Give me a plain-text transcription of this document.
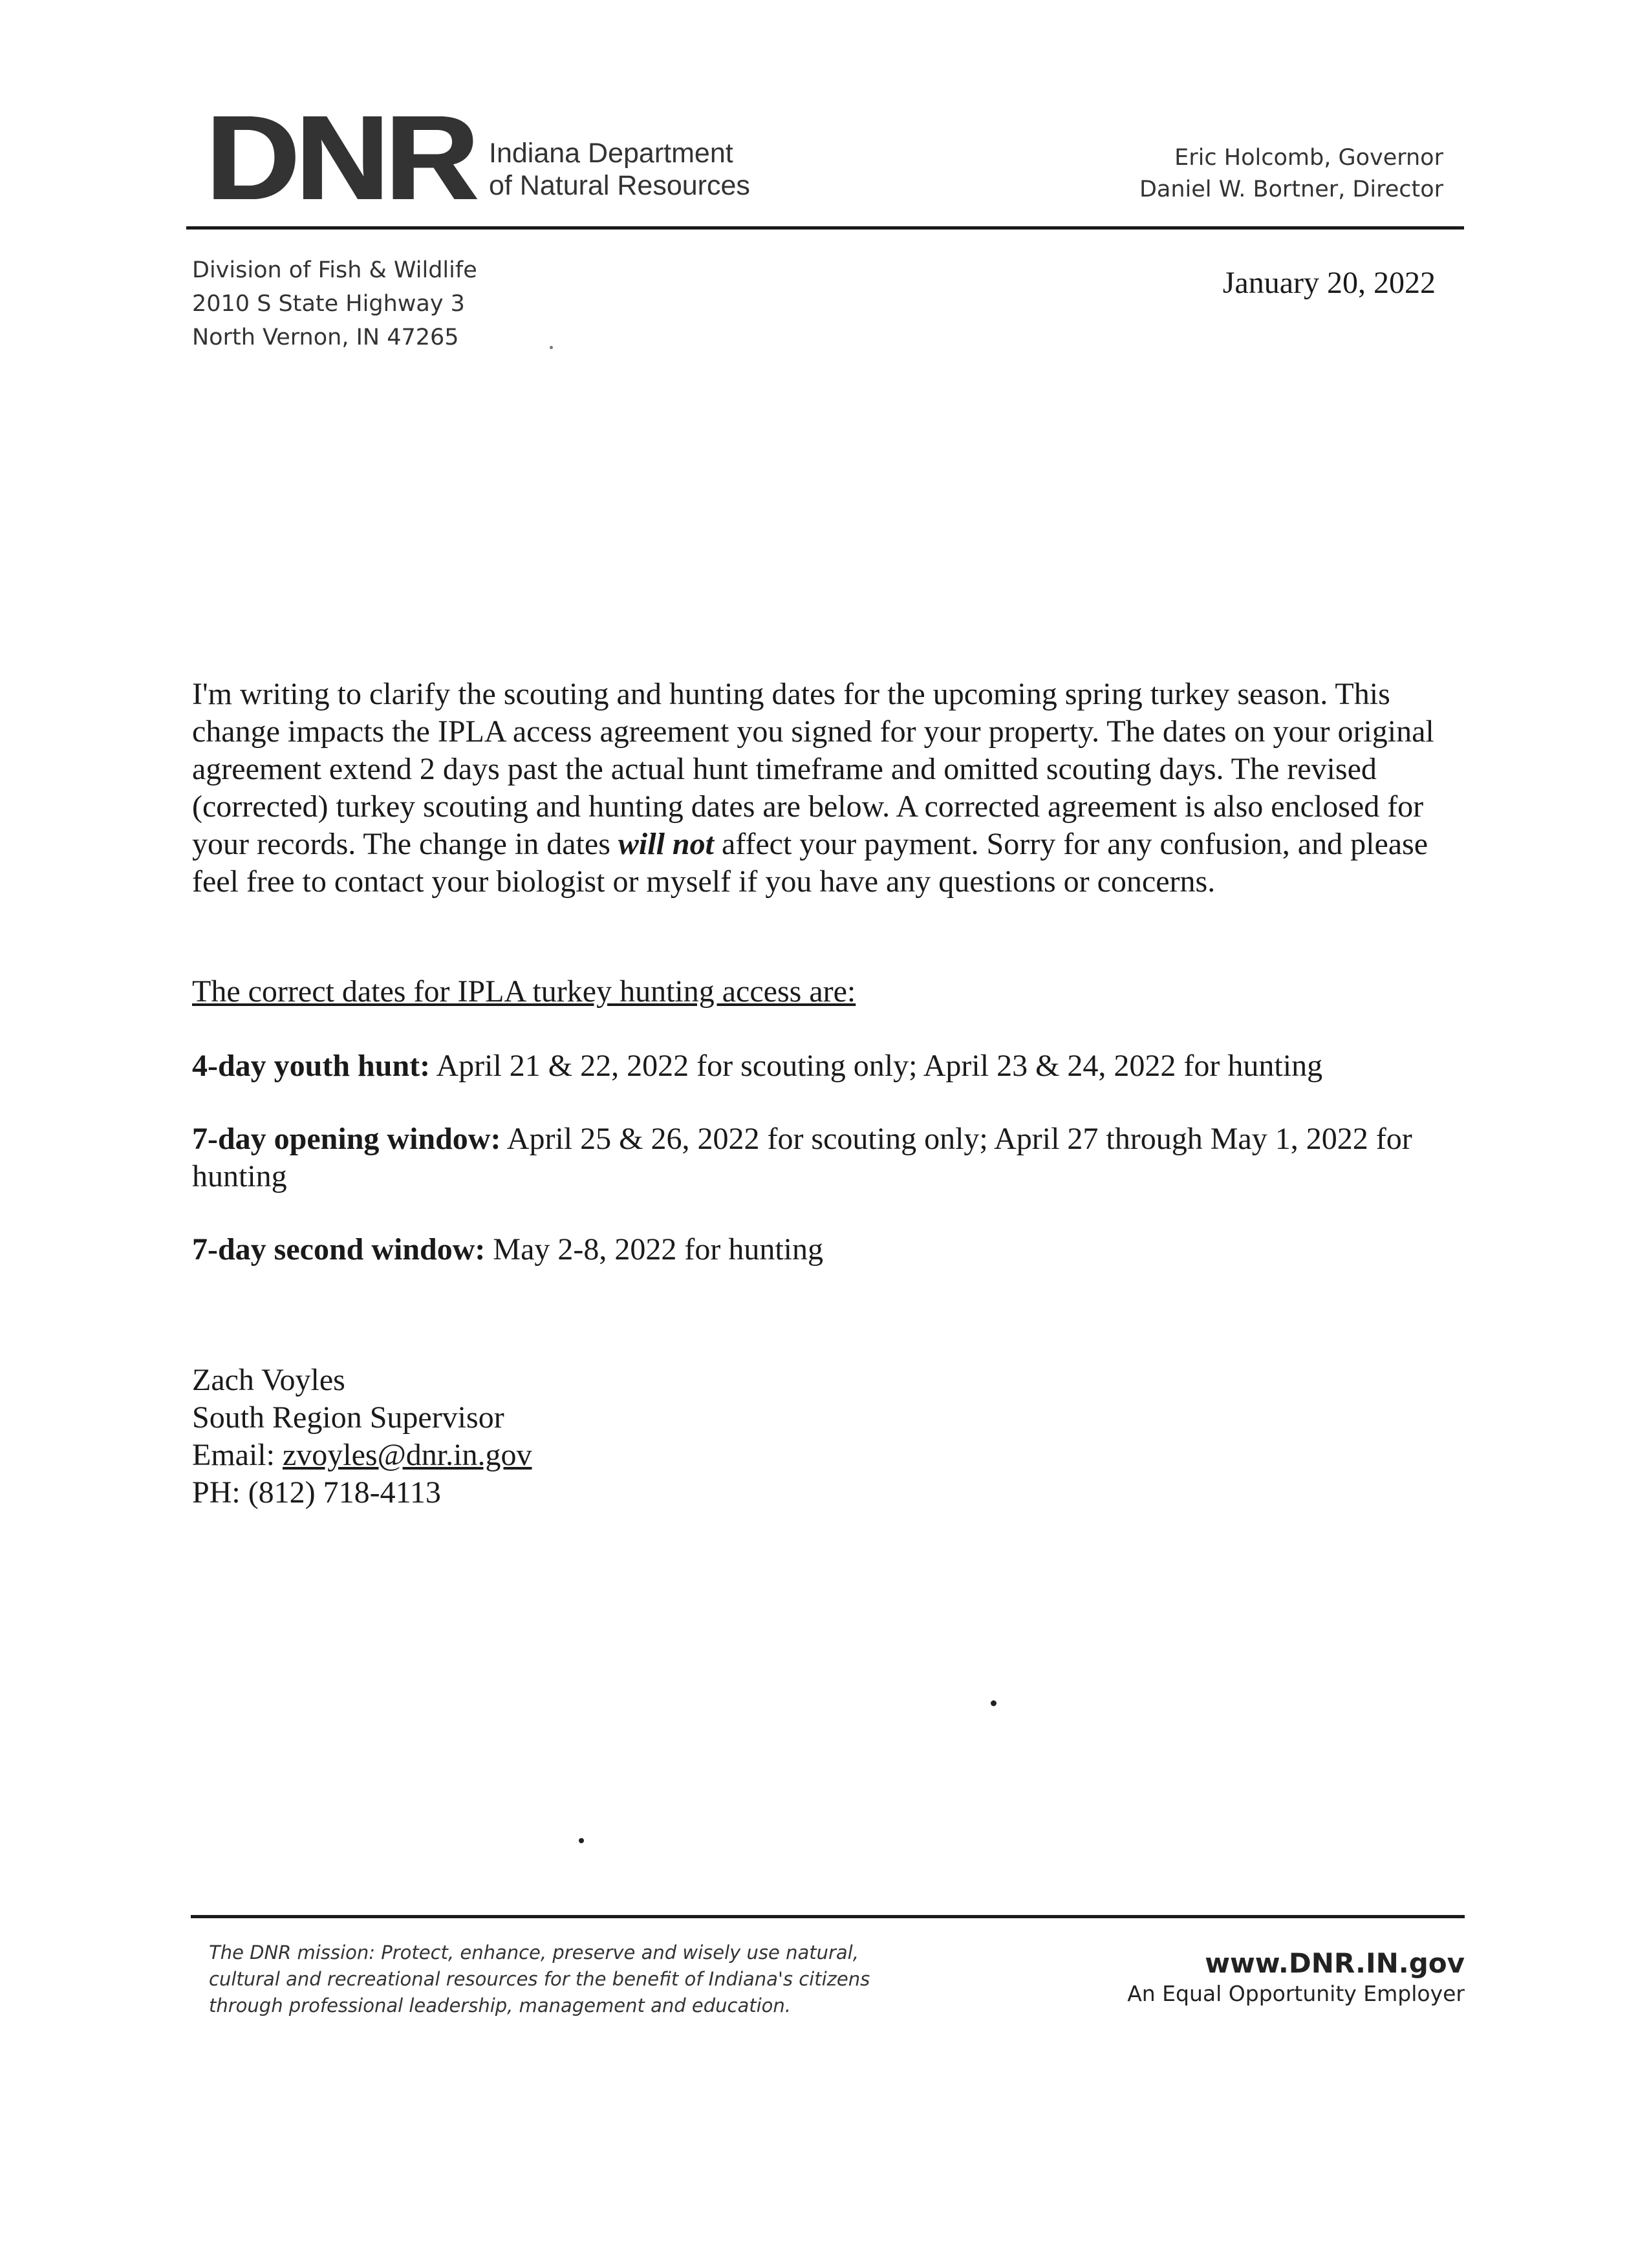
DNR Indiana Department
of Natural Resources
Eric Holcomb, Governor
Daniel W. Bortner, Director
Division of Fish & Wildlife
2010 S State Highway 3
North Vernon, IN 47265
January 20, 2022

I'm writing to clarify the scouting and hunting dates for the upcoming spring turkey season. This change impacts the IPLA access agreement you signed for your property. The dates on your original agreement extend 2 days past the actual hunt timeframe and omitted scouting days. The revised (corrected) turkey scouting and hunting dates are below. A corrected agreement is also enclosed for your records. The change in dates will not affect your payment. Sorry for any confusion, and please feel free to contact your biologist or myself if you have any questions or concerns.

The correct dates for IPLA turkey hunting access are:
4-day youth hunt: April 21 & 22, 2022 for scouting only; April 23 & 24, 2022 for hunting
7-day opening window: April 25 & 26, 2022 for scouting only; April 27 through May 1, 2022 for hunting
7-day second window: May 2-8, 2022 for hunting
Zach Voyles
South Region Supervisor
Email: zvoyles@dnr.in.gov
PH: (812) 718-4113
The DNR mission: Protect, enhance, preserve and wisely use natural,
cultural and recreational resources for the benefit of Indiana's citizens
through professional leadership, management and education.
www.DNR.IN.gov
An Equal Opportunity Employer
